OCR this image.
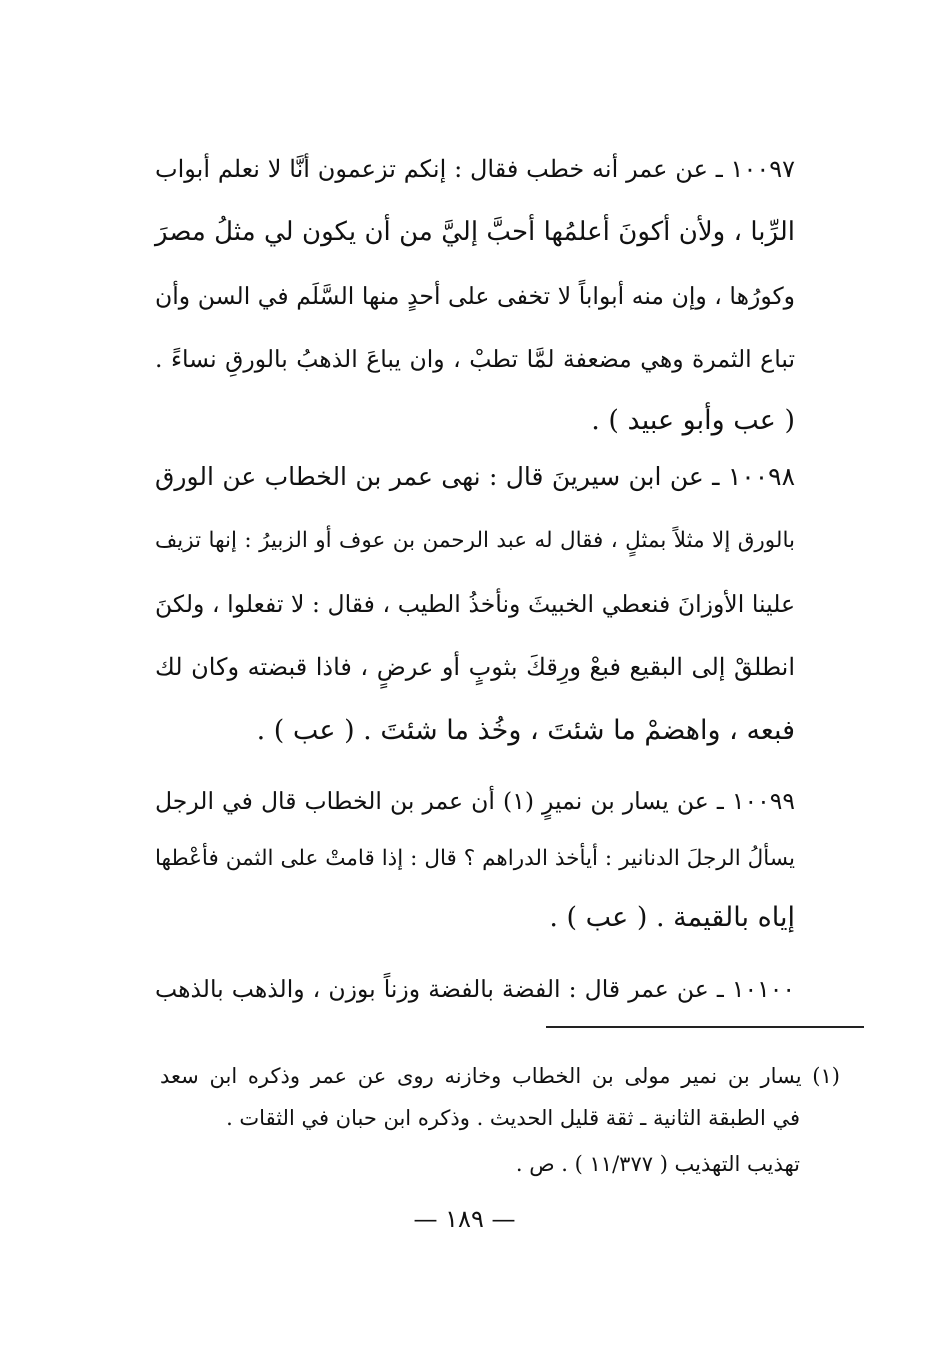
١٠٠٩٧ ـ عن عمر أنه خطب فقال : إنكم تزعمون أنَّا لا نعلم أبواب
الرِّبا ، ولأن أكونَ أعلمُها أحبَّ إليَّ من أن يكون لي مثلُ مصرَ
وكورُها ، وإن منه أبواباً لا تخفى على أحدٍ منها السَّلَم في السن وأن
تباع الثمرة وهي مضعفة لمَّا تطبْ ، وان يباعَ الذهبُ بالورقِ نساءً .
( عب وأبو عبيد ) .
١٠٠٩٨ ـ عن ابن سيرينَ قال : نهى عمر بن الخطاب عن الورق
بالورق إلا مثلاً بمثلٍ ، فقال له عبد الرحمن بن عوف أو الزبيرُ : إنها تزيف
علينا الأوزانَ فنعطي الخبيثَ ونأخذُ الطيب ، فقال : لا تفعلوا ، ولكنَ
انطلقْ إلى البقيع فبعْ ورِقكَ بثوبٍ أو عرضٍ ، فاذا قبضته وكان لك
فبعه ، واهضمْ ما شئتَ ، وخُذ ما شئتَ . ( عب ) .
١٠٠٩٩ ـ عن يسار بن نميرٍ (١) أن عمر بن الخطاب قال في الرجل
يسألُ الرجلَ الدنانير : أيأخذ الدراهم ؟ قال : إذا قامتْ على الثمن فأعْطها
إياه بالقيمة . ( عب ) .
١٠١٠٠ ـ عن عمر قال : الفضة بالفضة وزناً بوزن ، والذهب بالذهب
(١) يسار بن نمير مولى بن الخطاب وخازنه روى عن عمر وذكره ابن سعد
في الطبقة الثانية ـ ثقة قليل الحديث . وذكره ابن حبان في الثقات .
تهذيب التهذيب ( ١١/٣٧٧ ) . ص .
— ١٨٩ —
